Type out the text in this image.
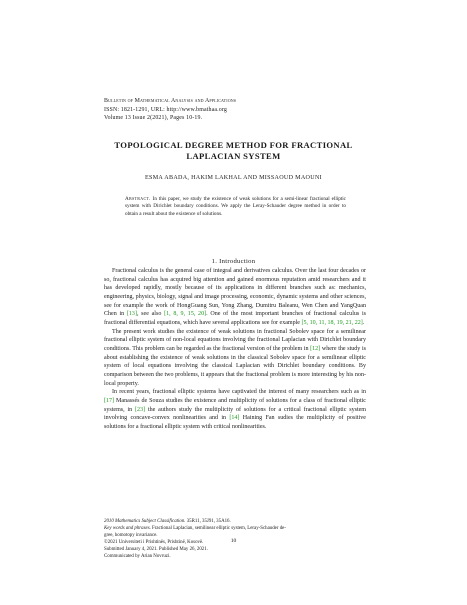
Bulletin of Mathematical Analysis and Applications
ISSN: 1821-1291, URL: http://www.bmathaa.org
Volume 13 Issue 2(2021), Pages 10-19.
TOPOLOGICAL DEGREE METHOD FOR FRACTIONAL
LAPLACIAN SYSTEM
ESMA ABADA, HAKIM LAKHAL AND MISSAOUD MAOUNI
Abstract. In this paper, we study the existence of weak solutions for a semi-linear fractional elliptic system with Dirichlet boundary conditions. We apply the Leray-Schauder degree method in order to obtain a result about the existence of solutions.
1. Introduction

Fractional calculus is the general case of integral and derivatives calculus. Over the last four decades or so, fractional calculus has acquired big attention and gained enormous reputation amid researchers and it has developed rapidly, mostly because of its applications in different branches such as: mechanics, engineering, physics, biology, signal and image processing, economic, dynamic systems and other sciences, see for example the work of HongGuang Sun, Yong Zhang, Dumitru Baleanu, Wen Chen and YangQuan Chen in [13], see also [1, 8, 9, 15, 20]. One of the most important branches of fractional calculus is fractional differential equations, which have several applications see for example [5, 10, 11, 18, 19, 21, 22].

The present work studies the existence of weak solutions in fractional Sobolev space for a semilinear fractional elliptic system of non-local equations involving the fractional Laplacian with Dirichlet boundary conditions. This problem can be regarded as the fractional version of the problem in [12] where the study is about establishing the existence of weak solutions in the classical Sobolev space for a semilinear elliptic system of local equations involving the classical Laplacian with Dirichlet boundary conditions. By comparison between the two problems, it appears that the fractional problem is more interesting by his non-local property.

In recent years, fractional elliptic systems have captivated the interest of many researchers such as in [17] Manassés de Souza studies the existence and multiplicity of solutions for a class of fractional elliptic systems, in [23] the authors study the multiplicity of solutions for a critical fractional elliptic system involving concave-convex nonlinearities and in [14] Haining Fan sudies the multiplicity of positive solutions for a fractional elliptic system with critical nonlinearities.

2010 Mathematics Subject Classification. 35R11, 35J91, 35A16.
Key words and phrases. Fractional Laplacian, semilinear elliptic system, Leray-Schauder de-
gree, homotopy invariance.
©2021 Universiteti i Prishtinës, Prishtinë, Kosovë.
Submitted January 4, 2021. Published May 26, 2021.
Communicated by Arian Novruzi.
10
